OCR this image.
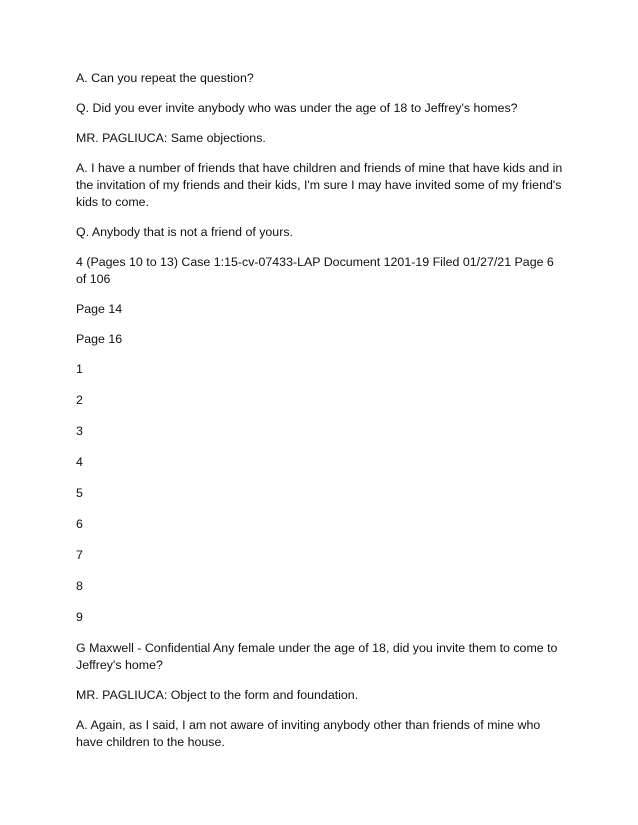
A. Can you repeat the question?

Q. Did you ever invite anybody who was under the age of 18 to Jeffrey's homes?

MR. PAGLIUCA: Same objections.

A. I have a number of friends that have children and friends of mine that have kids and in the invitation of my friends and their kids, I'm sure I may have invited some of my friend's kids to come.

Q. Anybody that is not a friend of yours.

4 (Pages 10 to 13) Case 1:15-cv-07433-LAP Document 1201-19 Filed 01/27/21 Page 6 of 106

Page 14

Page 16

1

2

3

4

5

6

7

8

9

G Maxwell - Confidential Any female under the age of 18, did you invite them to come to Jeffrey's home?

MR. PAGLIUCA: Object to the form and foundation.

A. Again, as I said, I am not aware of inviting anybody other than friends of mine who have children to the house.
